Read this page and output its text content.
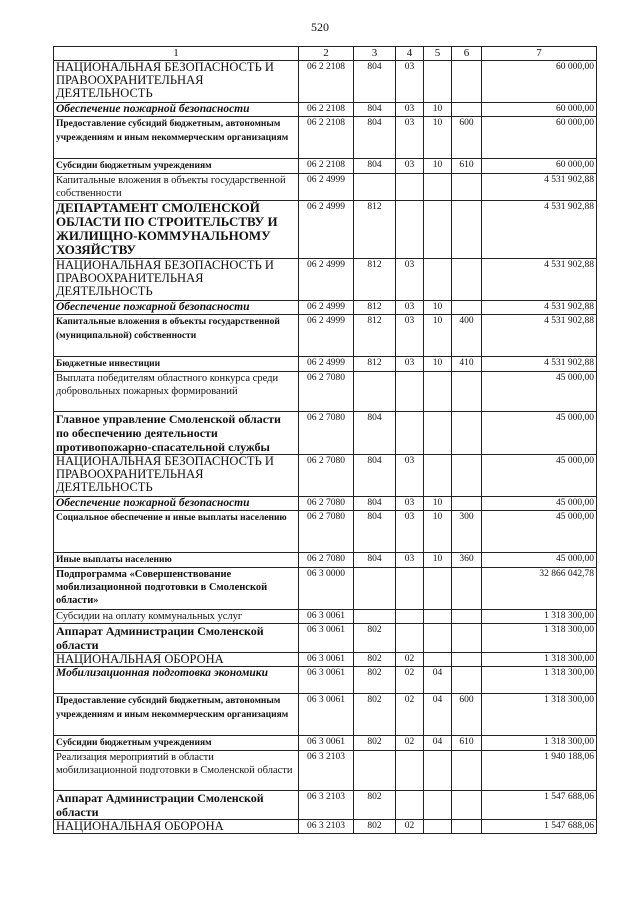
520
1	2	3	4	5	6	7
НАЦИОНАЛЬНАЯ БЕЗОПАСНОСТЬ И ПРАВООХРАНИТЕЛЬНАЯ ДЕЯТЕЛЬНОСТЬ	06 2 2108	804	03			60 000,00
Обеспечение пожарной безопасности	06 2 2108	804	03	10		60 000,00
Предоставление субсидий бюджетным, автономным учреждениям и иным некоммерческим организациям	06 2 2108	804	03	10	600	60 000,00
Субсидии бюджетным учреждениям	06 2 2108	804	03	10	610	60 000,00
Капитальные вложения в объекты государственной собственности	06 2 4999					4 531 902,88
ДЕПАРТАМЕНТ СМОЛЕНСКОЙ ОБЛАСТИ ПО СТРОИТЕЛЬСТВУ И ЖИЛИЩНО-КОММУНАЛЬНОМУ ХОЗЯЙСТВУ	06 2 4999	812				4 531 902,88
НАЦИОНАЛЬНАЯ БЕЗОПАСНОСТЬ И ПРАВООХРАНИТЕЛЬНАЯ ДЕЯТЕЛЬНОСТЬ	06 2 4999	812	03			4 531 902,88
Обеспечение пожарной безопасности	06 2 4999	812	03	10		4 531 902,88
Капитальные вложения в объекты государственной (муниципальной) собственности	06 2 4999	812	03	10	400	4 531 902,88
Бюджетные инвестиции	06 2 4999	812	03	10	410	4 531 902,88
Выплата победителям областного конкурса среди добровольных пожарных формирований	06 2 7080					45 000,00
Главное управление Смоленской области по обеспечению деятельности противопожарно-спасательной службы	06 2 7080	804				45 000,00
НАЦИОНАЛЬНАЯ БЕЗОПАСНОСТЬ И ПРАВООХРАНИТЕЛЬНАЯ ДЕЯТЕЛЬНОСТЬ	06 2 7080	804	03			45 000,00
Обеспечение пожарной безопасности	06 2 7080	804	03	10		45 000,00
Социальное обеспечение и иные выплаты населению	06 2 7080	804	03	10	300	45 000,00
Иные выплаты населению	06 2 7080	804	03	10	360	45 000,00
Подпрограмма «Совершенствование мобилизационной подготовки в Смоленской области»	06 3 0000					32 866 042,78
Субсидии на оплату коммунальных услуг	06 3 0061					1 318 300,00
Аппарат Администрации Смоленской области	06 3 0061	802				1 318 300,00
НАЦИОНАЛЬНАЯ ОБОРОНА	06 3 0061	802	02			1 318 300,00
Мобилизационная подготовка экономики	06 3 0061	802	02	04		1 318 300,00
Предоставление субсидий бюджетным, автономным учреждениям и иным некоммерческим организациям	06 3 0061	802	02	04	600	1 318 300,00
Субсидии бюджетным учреждениям	06 3 0061	802	02	04	610	1 318 300,00
Реализация мероприятий в области мобилизационной подготовки в Смоленской области	06 3 2103					1 940 188,06
Аппарат Администрации Смоленской области	06 3 2103	802				1 547 688,06
НАЦИОНАЛЬНАЯ ОБОРОНА	06 3 2103	802	02			1 547 688,06
